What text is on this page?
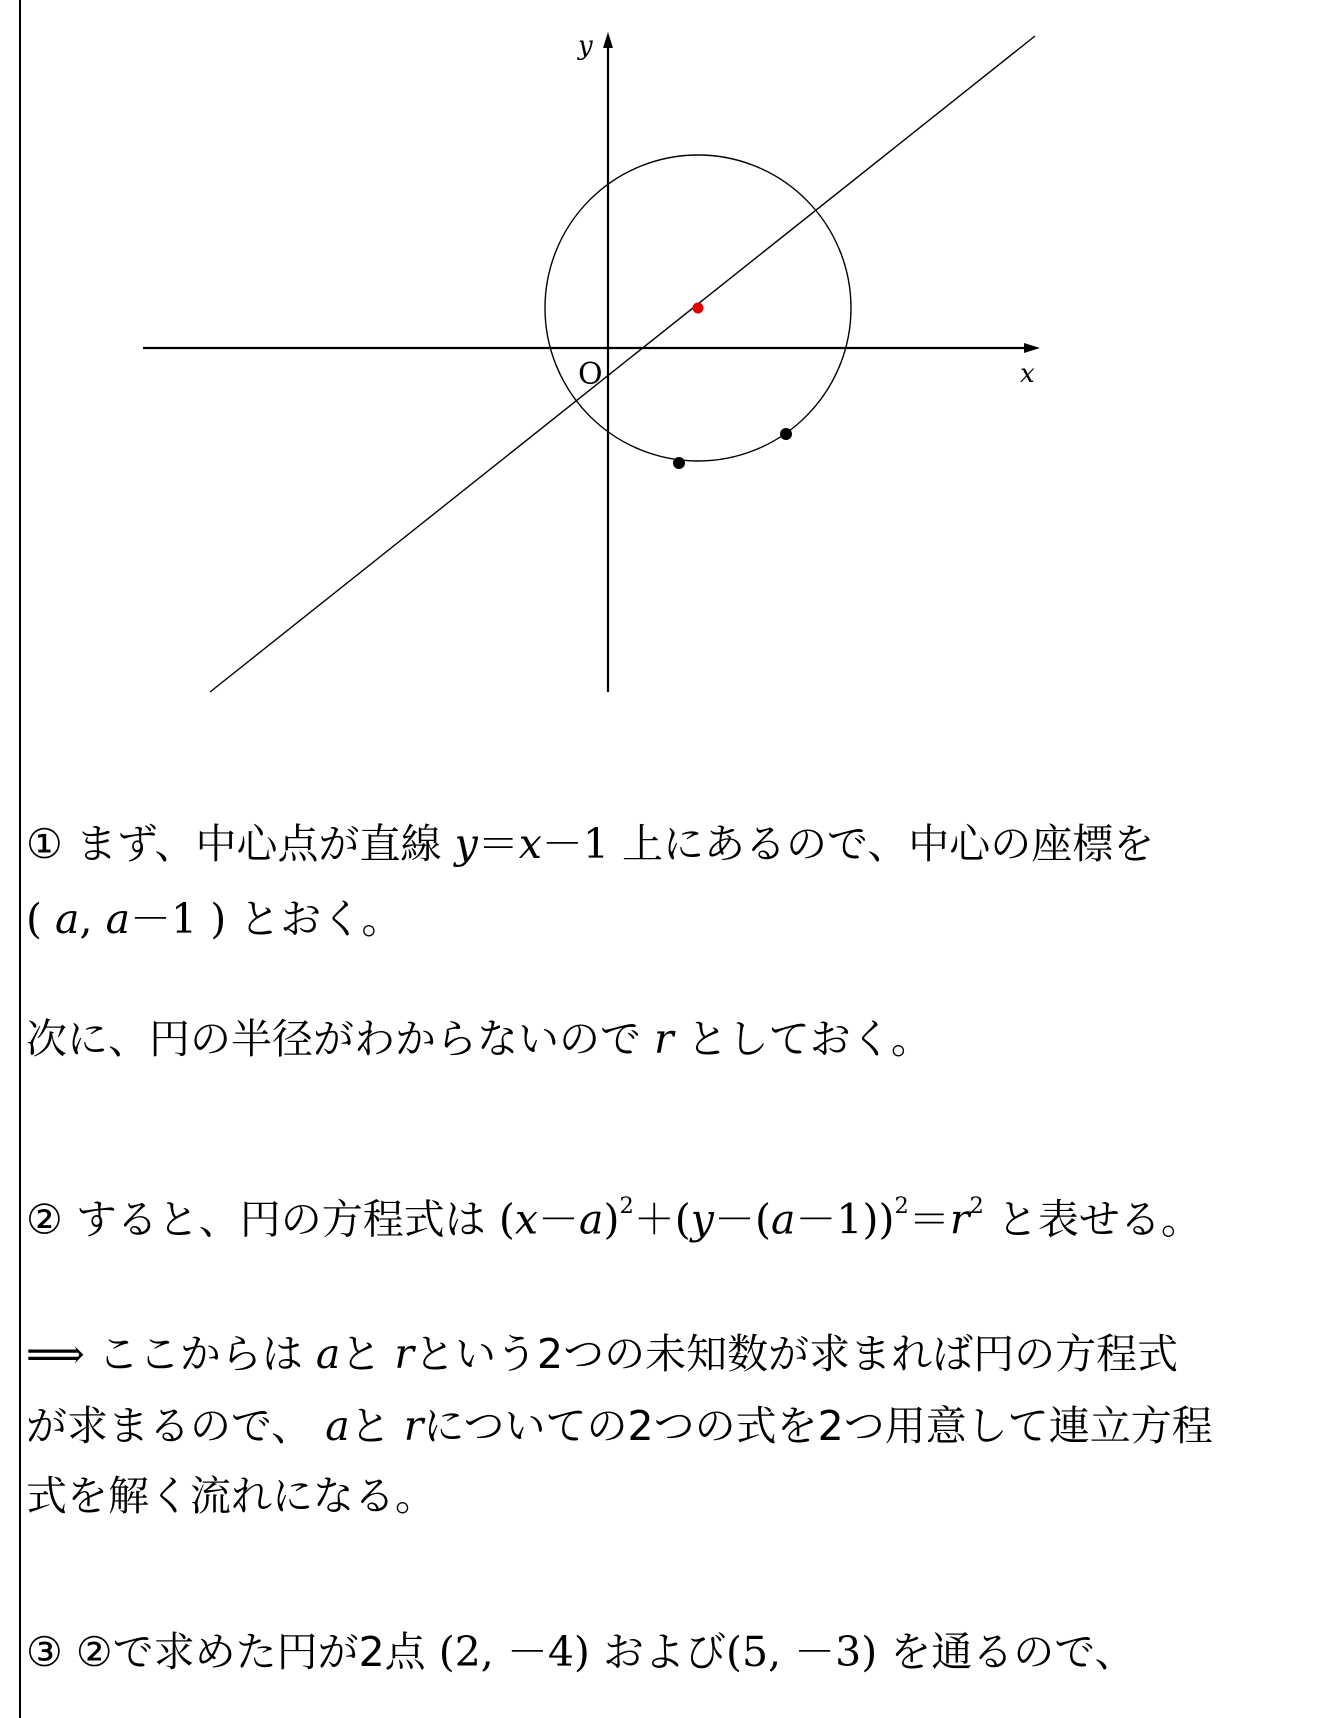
y
x
O
① まず、中心点が直線 y＝x－1 上にあるので、中心の座標を
( a, a－1 ) とおく。
次に、円の半径がわからないので r としておく。
② すると、円の方程式は $(x-a)^2+(y-(a-1))^2=r^2$ と表せる。
⟹ ここからは aと rという2つの未知数が求まれば円の方程式
が求まるので、 aと rについての2つの式を2つ用意して連立方程
式を解く流れになる。
③ ②で求めた円が2点 (2, －4) および(5, －3) を通るので、
